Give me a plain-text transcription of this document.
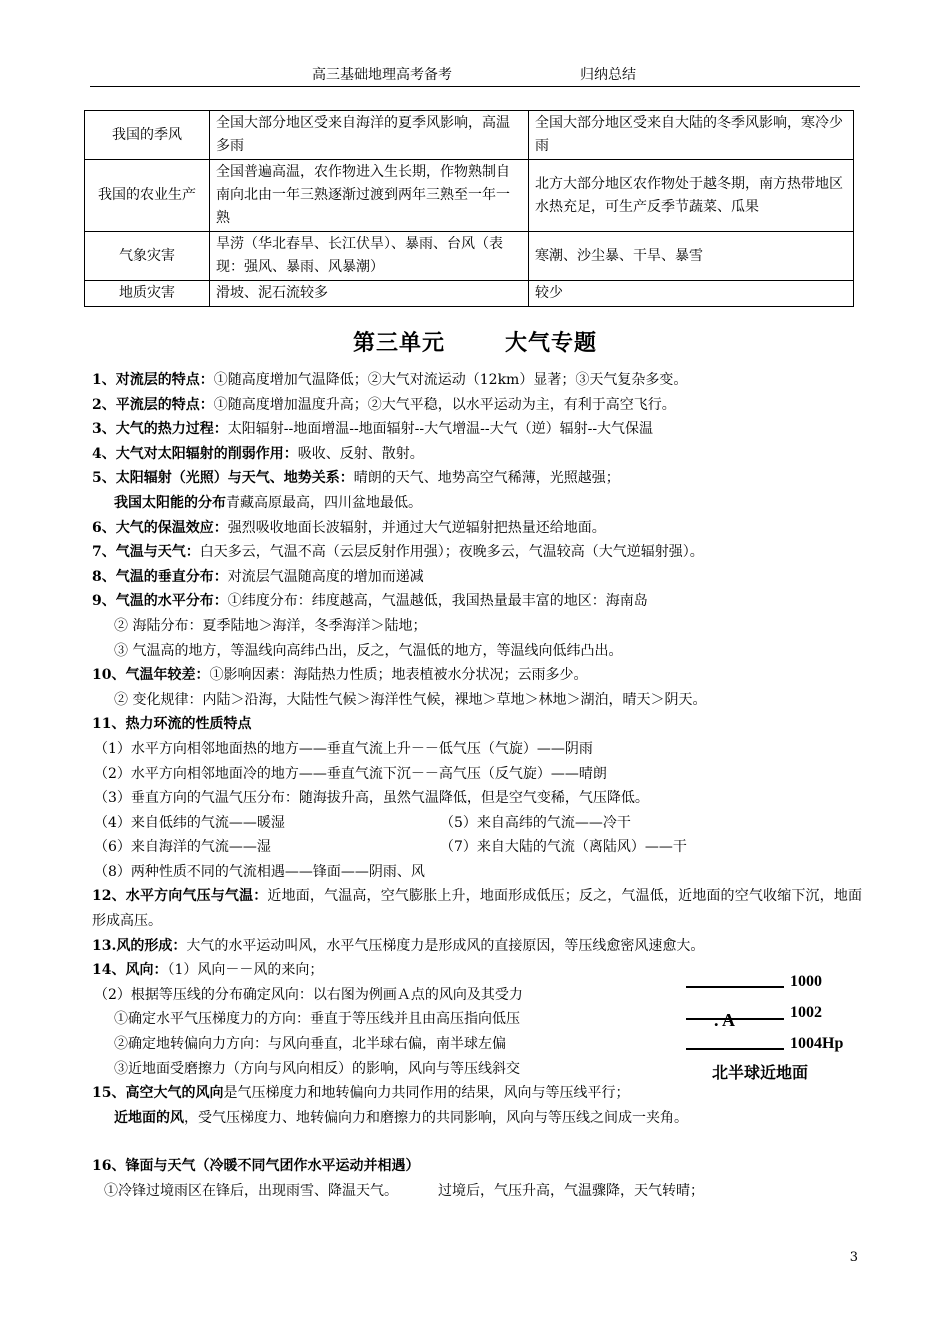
高三基础地理高考备考	归纳总结
我国的季风	全国大部分地区受来自海洋的夏季风影响，高温多雨	全国大部分地区受来自大陆的冬季风影响，寒冷少雨
我国的农业生产	全国普遍高温，农作物进入生长期，作物熟制自南向北由一年三熟逐渐过渡到两年三熟至一年一熟	北方大部分地区农作物处于越冬期，南方热带地区水热充足，可生产反季节蔬菜、瓜果
气象灾害	旱涝（华北春旱、长江伏旱）、暴雨、台风（表现：强风、暴雨、风暴潮）	寒潮、沙尘暴、干旱、暴雪
地质灾害	滑坡、泥石流较多	较少
第三单元	大气专题
1、对流层的特点：①随高度增加气温降低；②大气对流运动（12km）显著；③天气复杂多变。
2、平流层的特点：①随高度增加温度升高；②大气平稳，以水平运动为主，有利于高空飞行。
3、大气的热力过程：太阳辐射--地面增温--地面辐射--大气增温--大气（逆）辐射--大气保温
4、大气对太阳辐射的削弱作用：吸收、反射、散射。
5、太阳辐射（光照）与天气、地势关系：晴朗的天气、地势高空气稀薄，光照越强；
我国太阳能的分布青藏高原最高，四川盆地最低。
6、大气的保温效应：强烈吸收地面长波辐射，并通过大气逆辐射把热量还给地面。
7、气温与天气：白天多云，气温不高（云层反射作用强）；夜晚多云，气温较高（大气逆辐射强）。
8、气温的垂直分布：对流层气温随高度的增加而递减
9、气温的水平分布：①纬度分布：纬度越高，气温越低，我国热量最丰富的地区：海南岛
② 海陆分布：夏季陆地＞海洋，冬季海洋＞陆地；
③ 气温高的地方，等温线向高纬凸出，反之，气温低的地方，等温线向低纬凸出。
10、气温年较差：①影响因素：海陆热力性质；地表植被水分状况；云雨多少。
② 变化规律：内陆＞沿海，大陆性气候＞海洋性气候，裸地＞草地＞林地＞湖泊，晴天＞阴天。
11、热力环流的性质特点
（1）水平方向相邻地面热的地方——垂直气流上升－－低气压（气旋）——阴雨
（2）水平方向相邻地面冷的地方——垂直气流下沉－－高气压（反气旋）——晴朗
（3）垂直方向的气温气压分布：随海拔升高，虽然气温降低，但是空气变稀，气压降低。
（4）来自低纬的气流——暖湿	（5）来自高纬的气流——冷干
（6）来自海洋的气流——湿	（7）来自大陆的气流（离陆风）——干
（8）两种性质不同的气流相遇——锋面——阴雨、风
12、水平方向气压与气温：近地面，气温高，空气膨胀上升，地面形成低压；反之，气温低，近地面的空气收缩下沉，地面形成高压。
13.风的形成：大气的水平运动叫风，水平气压梯度力是形成风的直接原因，等压线愈密风速愈大。
14、风向：（1）风向－－风的来向；
（2）根据等压线的分布确定风向：以右图为例画Ａ点的风向及其受力
①确定水平气压梯度力的方向：垂直于等压线并且由高压指向低压
②确定地转偏向力方向：与风向垂直，北半球右偏，南半球左偏
③近地面受磨擦力（方向与风向相反）的影响，风向与等压线斜交
15、高空大气的风向是气压梯度力和地转偏向力共同作用的结果，风向与等压线平行；
近地面的风，受气压梯度力、地转偏向力和磨擦力的共同影响，风向与等压线之间成一夹角。
16、锋面与天气（冷暖不同气团作水平运动并相遇）
①冷锋过境雨区在锋后，出现雨雪、降温天气。	过境后，气压升高，气温骤降，天气转晴；
1000
1002
1004Hp
. A
北半球近地面
3
